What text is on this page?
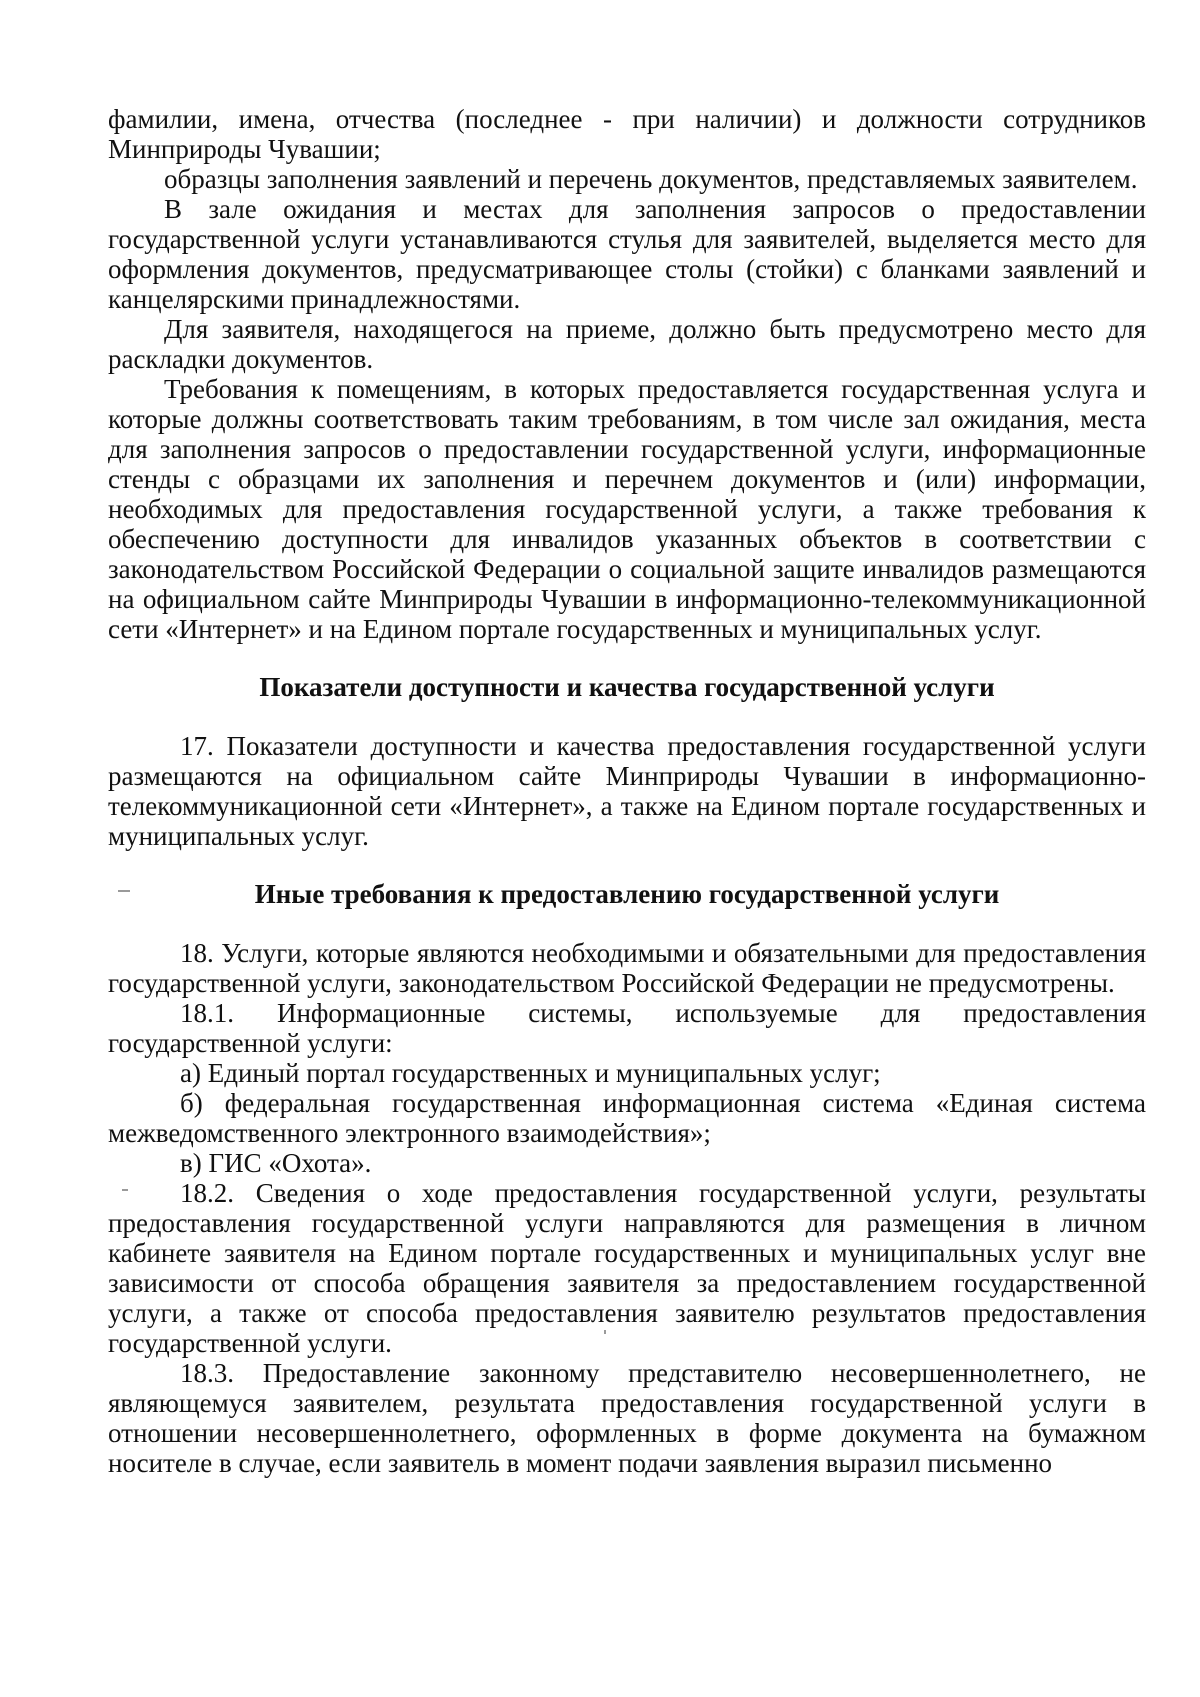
фамилии, имена, отчества (последнее - при наличии) и должности сотрудников Минприроды Чувашии;

образцы заполнения заявлений и перечень документов, представляемых заявителем.

В зале ожидания и местах для заполнения запросов о предоставлении государственной услуги устанавливаются стулья для заявителей, выделяется место для оформления документов, предусматривающее столы (стойки) с бланками заявлений и канцелярскими принадлежностями.

Для заявителя, находящегося на приеме, должно быть предусмотрено место для раскладки документов.

Требования к помещениям, в которых предоставляется государственная услуга и которые должны соответствовать таким требованиям, в том числе зал ожидания, места для заполнения запросов о предоставлении государственной услуги, информационные стенды с образцами их заполнения и перечнем документов и (или) информации, необходимых для предоставления государственной услуги, а также требования к обеспечению доступности для инвалидов указанных объектов в соответствии с законодательством Российской Федерации о социальной защите инвалидов размещаются на официальном сайте Минприроды Чувашии в информационно-телекоммуникационной сети «Интернет» и на Едином портале государственных и муниципальных услуг.

Показатели доступности и качества государственной услуги

17. Показатели доступности и качества предоставления государственной услуги размещаются на официальном сайте Минприроды Чувашии в информационно-телекоммуникационной сети «Интернет», а также на Едином портале государственных и муниципальных услуг.

Иные требования к предоставлению государственной услуги

18. Услуги, которые являются необходимыми и обязательными для предоставления государственной услуги, законодательством Российской Федерации не предусмотрены.

18.1. Информационные системы, используемые для предоставления государственной услуги:

а) Единый портал государственных и муниципальных услуг;

б) федеральная государственная информационная система «Единая система межведомственного электронного взаимодействия»;

в) ГИС «Охота».

18.2. Сведения о ходе предоставления государственной услуги, результаты предоставления государственной услуги направляются для размещения в личном кабинете заявителя на Едином портале государственных и муниципальных услуг вне зависимости от способа обращения заявителя за предоставлением государственной услуги, а также от способа предоставления заявителю результатов предоставления государственной услуги.

18.3. Предоставление законному представителю несовершеннолетнего, не являющемуся заявителем, результата предоставления государственной услуги в отношении несовершеннолетнего, оформленных в форме документа на бумажном носителе в случае, если заявитель в момент подачи заявления выразил письменно
